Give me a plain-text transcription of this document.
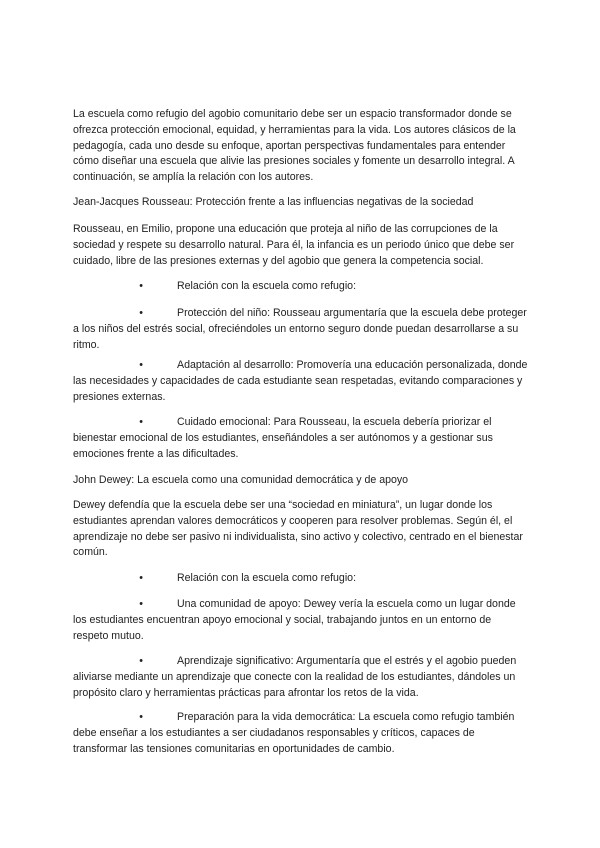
La escuela como refugio del agobio comunitario debe ser un espacio transformador donde se ofrezca protección emocional, equidad, y herramientas para la vida. Los autores clásicos de la pedagogía, cada uno desde su enfoque, aportan perspectivas fundamentales para entender cómo diseñar una escuela que alivie las presiones sociales y fomente un desarrollo integral. A continuación, se amplía la relación con los autores.

Jean-Jacques Rousseau: Protección frente a las influencias negativas de la sociedad

Rousseau, en Emilio, propone una educación que proteja al niño de las corrupciones de la sociedad y respete su desarrollo natural. Para él, la infancia es un periodo único que debe ser cuidado, libre de las presiones externas y del agobio que genera la competencia social.

•	Relación con la escuela como refugio:

•	Protección del niño: Rousseau argumentaría que la escuela debe proteger a los niños del estrés social, ofreciéndoles un entorno seguro donde puedan desarrollarse a su ritmo.

•	Adaptación al desarrollo: Promovería una educación personalizada, donde las necesidades y capacidades de cada estudiante sean respetadas, evitando comparaciones y presiones externas.

•	Cuidado emocional: Para Rousseau, la escuela debería priorizar el bienestar emocional de los estudiantes, enseñándoles a ser autónomos y a gestionar sus emociones frente a las dificultades.

John Dewey: La escuela como una comunidad democrática y de apoyo

Dewey defendía que la escuela debe ser una “sociedad en miniatura”, un lugar donde los estudiantes aprendan valores democráticos y cooperen para resolver problemas. Según él, el aprendizaje no debe ser pasivo ni individualista, sino activo y colectivo, centrado en el bienestar común.

•	Relación con la escuela como refugio:

•	Una comunidad de apoyo: Dewey vería la escuela como un lugar donde los estudiantes encuentran apoyo emocional y social, trabajando juntos en un entorno de respeto mutuo.

•	Aprendizaje significativo: Argumentaría que el estrés y el agobio pueden aliviarse mediante un aprendizaje que conecte con la realidad de los estudiantes, dándoles un propósito claro y herramientas prácticas para afrontar los retos de la vida.

•	Preparación para la vida democrática: La escuela como refugio también debe enseñar a los estudiantes a ser ciudadanos responsables y críticos, capaces de transformar las tensiones comunitarias en oportunidades de cambio.
